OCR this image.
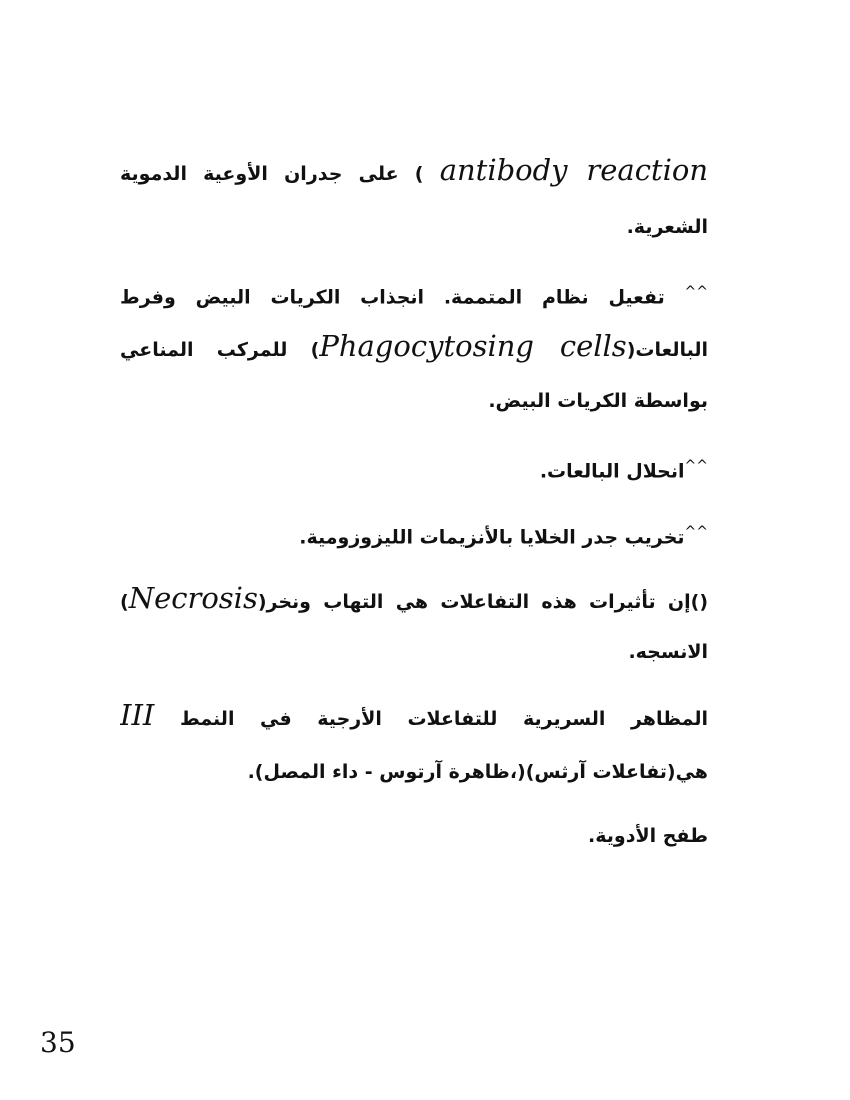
antibody reaction ) على جدران الأوعية الدموية
الشعرية.
^^ تفعيل نظام المتممة. انجذاب الكريات البيض وفرط
البالعات(Phagocytosing cells) للمركب المناعي
بواسطة الكريات البيض.
^^انحلال البالعات.
^^تخريب جدر الخلايا بالأنزيمات الليزوزومية.
()إن تأثيرات هذه التفاعلات هي التهاب ونخر(Necrosis)
الانسجه.
المظاهر السريرية للتفاعلات الأرجية في النمط III
هي(تفاعلات آرثس)(،ظاهرة آرتوس - داء المصل).
طفح الأدوية.
35
